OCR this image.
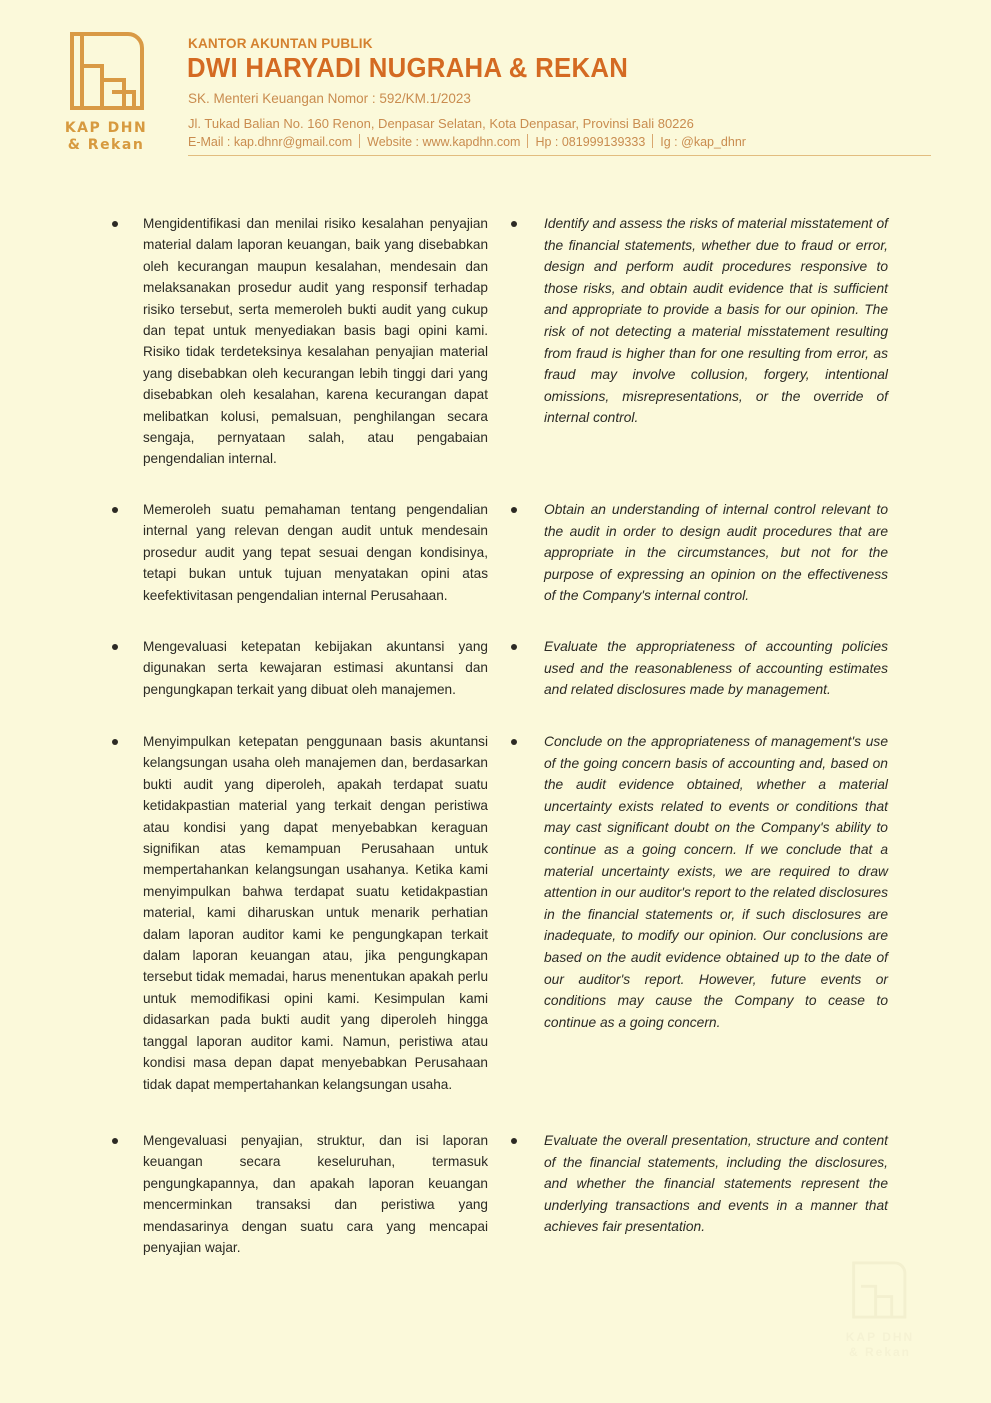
KAP DHN
& Rekan
KANTOR AKUNTAN PUBLIK
DWI HARYADI NUGRAHA & REKAN
SK. Menteri Keuangan Nomor : 592/KM.1/2023
Jl. Tukad Balian No. 160 Renon, Denpasar Selatan, Kota Denpasar, Provinsi Bali 80226
E-Mail : kap.dhnr@gmail.com Website : www.kapdhn.com Hp : 081999139333 Ig : @kap_dhnr
Mengidentifikasi dan menilai risiko kesalahan penyajian material dalam laporan keuangan, baik yang disebabkan oleh kecurangan maupun kesalahan, mendesain dan melaksanakan prosedur audit yang responsif terhadap risiko tersebut, serta memeroleh bukti audit yang cukup dan tepat untuk menyediakan basis bagi opini kami. Risiko tidak terdeteksinya kesalahan penyajian material yang disebabkan oleh kecurangan lebih tinggi dari yang disebabkan oleh kesalahan, karena kecurangan dapat melibatkan kolusi, pemalsuan, penghilangan secara sengaja, pernyataan salah, atau pengabaian pengendalian internal.
Identify and assess the risks of material misstatement of the financial statements, whether due to fraud or error, design and perform audit procedures responsive to those risks, and obtain audit evidence that is sufficient and appropriate to provide a basis for our opinion. The risk of not detecting a material misstatement resulting from fraud is higher than for one resulting from error, as fraud may involve collusion, forgery, intentional omissions, misrepresentations, or the override of internal control.
Memeroleh suatu pemahaman tentang pengendalian internal yang relevan dengan audit untuk mendesain prosedur audit yang tepat sesuai dengan kondisinya, tetapi bukan untuk tujuan menyatakan opini atas keefektivitasan pengendalian internal Perusahaan.
Obtain an understanding of internal control relevant to the audit in order to design audit procedures that are appropriate in the circumstances, but not for the purpose of expressing an opinion on the effectiveness of the Company's internal control.
Mengevaluasi ketepatan kebijakan akuntansi yang digunakan serta kewajaran estimasi akuntansi dan pengungkapan terkait yang dibuat oleh manajemen.
Evaluate the appropriateness of accounting policies used and the reasonableness of accounting estimates and related disclosures made by management.
Menyimpulkan ketepatan penggunaan basis akuntansi kelangsungan usaha oleh manajemen dan, berdasarkan bukti audit yang diperoleh, apakah terdapat suatu ketidakpastian material yang terkait dengan peristiwa atau kondisi yang dapat menyebabkan keraguan signifikan atas kemampuan Perusahaan untuk mempertahankan kelangsungan usahanya. Ketika kami menyimpulkan bahwa terdapat suatu ketidakpastian material, kami diharuskan untuk menarik perhatian dalam laporan auditor kami ke pengungkapan terkait dalam laporan keuangan atau, jika pengungkapan tersebut tidak memadai, harus menentukan apakah perlu untuk memodifikasi opini kami. Kesimpulan kami didasarkan pada bukti audit yang diperoleh hingga tanggal laporan auditor kami. Namun, peristiwa atau kondisi masa depan dapat menyebabkan Perusahaan tidak dapat mempertahankan kelangsungan usaha.
Conclude on the appropriateness of management's use of the going concern basis of accounting and, based on the audit evidence obtained, whether a material uncertainty exists related to events or conditions that may cast significant doubt on the Company's ability to continue as a going concern. If we conclude that a material uncertainty exists, we are required to draw attention in our auditor's report to the related disclosures in the financial statements or, if such disclosures are inadequate, to modify our opinion. Our conclusions are based on the audit evidence obtained up to the date of our auditor's report. However, future events or conditions may cause the Company to cease to continue as a going concern.
Mengevaluasi penyajian, struktur, dan isi laporan keuangan secara keseluruhan, termasuk pengungkapannya, dan apakah laporan keuangan mencerminkan transaksi dan peristiwa yang mendasarinya dengan suatu cara yang mencapai penyajian wajar.
Evaluate the overall presentation, structure and content of the financial statements, including the disclosures, and whether the financial statements represent the underlying transactions and events in a manner that achieves fair presentation.
KAP DHN
& Rekan
